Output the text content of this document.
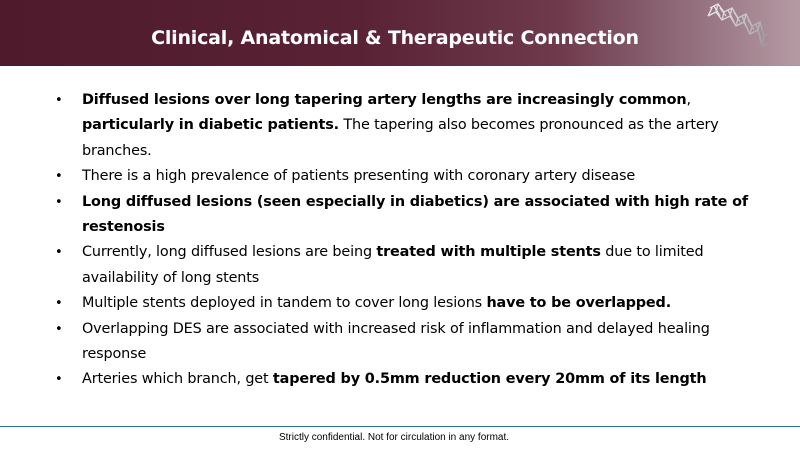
Clinical, Anatomical & Therapeutic Connection
• Diffused lesions over long tapering artery lengths are increasingly common, particularly in diabetic patients. The tapering also becomes pronounced as the artery branches.
• There is a high prevalence of patients presenting with coronary artery disease
• Long diffused lesions (seen especially in diabetics) are associated with high rate of restenosis
• Currently, long diffused lesions are being treated with multiple stents due to limited availability of long stents
• Multiple stents deployed in tandem to cover long lesions have to be overlapped.
• Overlapping DES are associated with increased risk of inflammation and delayed healing response
• Arteries which branch, get tapered by 0.5mm reduction every 20mm of its length
Strictly confidential. Not for circulation in any format.
